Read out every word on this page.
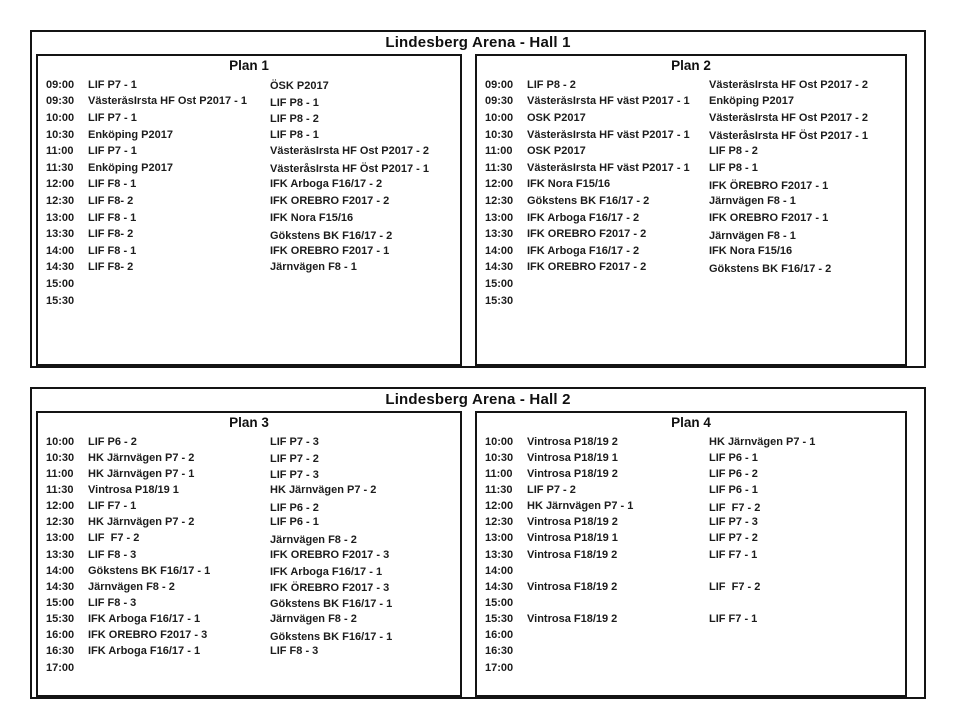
Lindesberg Arena - Hall 1
Plan 1
09:00	LIF P7 - 1	ÖSK P2017
09:30	VästeråsIrsta HF Öst P2017 - 1	LIF P8 - 1
10:00	LIF P7 - 1	LIF P8 - 2
10:30	Enköping P2017	LIF P8 - 1
11:00	LIF P7 - 1	VästeråsIrsta HF Öst P2017 - 2
11:30	Enköping P2017	VästeråsIrsta HF Öst P2017 - 1
12:00	LIF F8 - 1	IFK Arboga F16/17 - 2
12:30	LIF F8- 2	IFK ÖREBRO F2017 - 2
13:00	LIF F8 - 1	IFK Nora F15/16
13:30	LIF F8- 2	Gökstens BK F16/17 - 2
14:00	LIF F8 - 1	IFK ÖREBRO F2017 - 1
14:30	LIF F8- 2	Järnvägen F8 - 1
15:00
15:30
Plan 2
09:00	LIF P8 - 2	VästeråsIrsta HF Öst P2017 - 2
09:30	VästeråsIrsta HF väst P2017 - 1	Enköping P2017
10:00	ÖSK P2017	VästeråsIrsta HF Öst P2017 - 2
10:30	VästeråsIrsta HF väst P2017 - 1	VästeråsIrsta HF Öst P2017 - 1
11:00	ÖSK P2017	LIF P8 - 2
11:30	VästeråsIrsta HF väst P2017 - 1	LIF P8 - 1
12:00	IFK Nora F15/16	IFK ÖREBRO F2017 - 1
12:30	Gökstens BK F16/17 - 2	Järnvägen F8 - 1
13:00	IFK Arboga F16/17 - 2	IFK ÖREBRO F2017 - 1
13:30	IFK ÖREBRO F2017 - 2	Järnvägen F8 - 1
14:00	IFK Arboga F16/17 - 2	IFK Nora F15/16
14:30	IFK ÖREBRO F2017 - 2	Gökstens BK F16/17 - 2
15:00
15:30
Lindesberg Arena - Hall 2
Plan 3
10:00	LIF P6 - 2	LIF P7 - 3
10:30	HK Järnvägen P7 - 2	LIF P7 - 2
11:00	HK Järnvägen P7 - 1	LIF P7 - 3
11:30	Vintrosa P18/19 1	HK Järnvägen P7 - 2
12:00	LIF F7 - 1	LIF P6 - 2
12:30	HK Järnvägen P7 - 2	LIF P6 - 1
13:00	LIF  F7 - 2	Järnvägen F8 - 2
13:30	LIF F8 - 3	IFK ÖREBRO F2017 - 3
14:00	Gökstens BK F16/17 - 1	IFK Arboga F16/17 - 1
14:30	Järnvägen F8 - 2	IFK ÖREBRO F2017 - 3
15:00	LIF F8 - 3	Gökstens BK F16/17 - 1
15:30	IFK Arboga F16/17 - 1	Järnvägen F8 - 2
16:00	IFK ÖREBRO F2017 - 3	Gökstens BK F16/17 - 1
16:30	IFK Arboga F16/17 - 1	LIF F8 - 3
17:00
Plan 4
10:00	Vintrosa P18/19 2	HK Järnvägen P7 - 1
10:30	Vintrosa P18/19 1	LIF P6 - 1
11:00	Vintrosa P18/19 2	LIF P6 - 2
11:30	LIF P7 - 2	LIF P6 - 1
12:00	HK Järnvägen P7 - 1	LIF  F7 - 2
12:30	Vintrosa P18/19 2	LIF P7 - 3
13:00	Vintrosa P18/19 1	LIF P7 - 2
13:30	Vintrosa F18/19 2	LIF F7 - 1
14:00
14:30	Vintrosa F18/19 2	LIF  F7 - 2
15:00
15:30	Vintrosa F18/19 2	LIF F7 - 1
16:00
16:30
17:00
